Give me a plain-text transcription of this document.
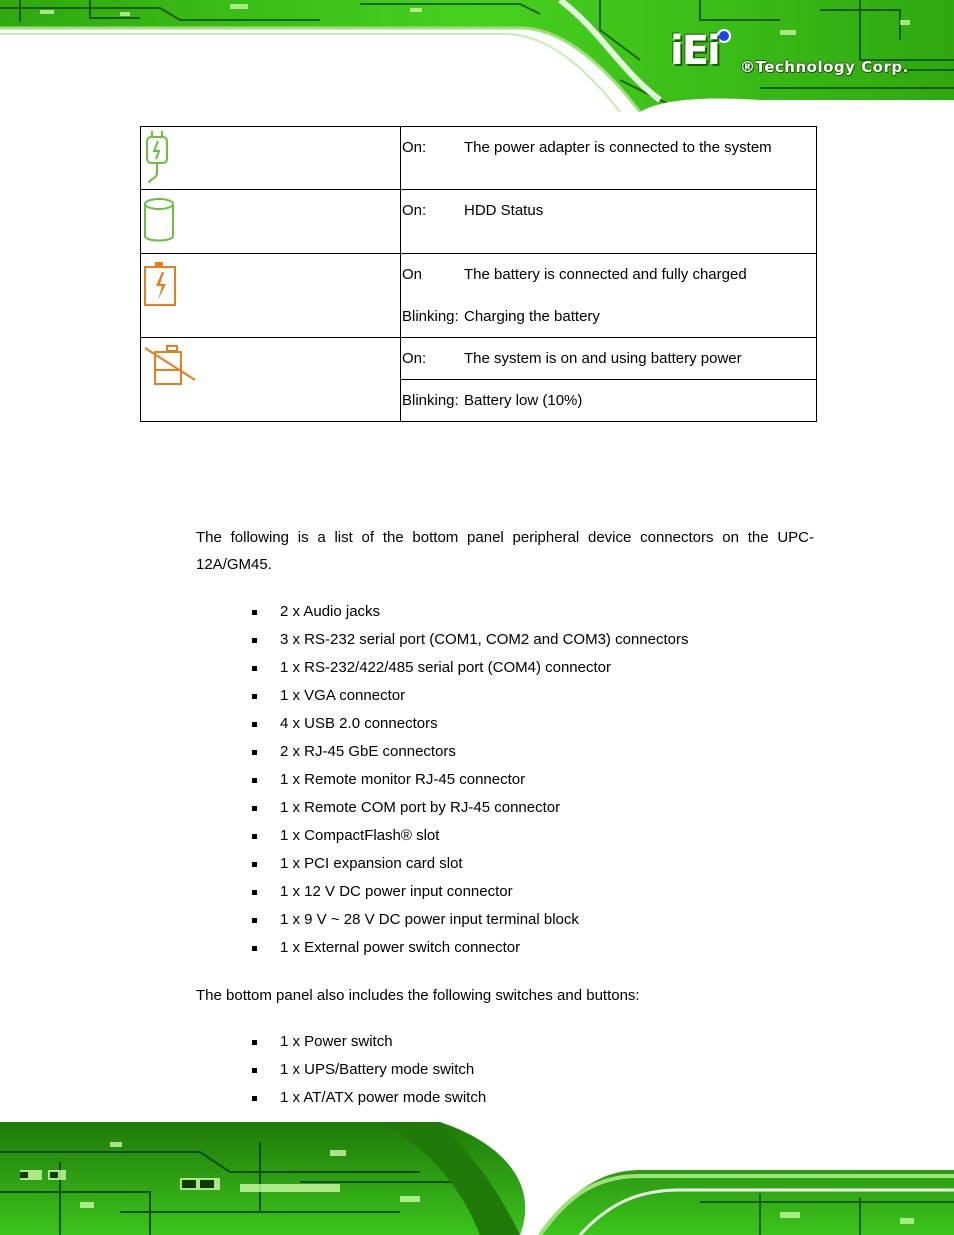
iEi ®Technology Corp.

On: The power adapter is connected to the system

On: HDD Status

On The battery is connected and fully charged
Blinking: Charging the battery

On: The system is on and using battery power

	Blinking: Battery low (10%)
The following is a list of the bottom panel peripheral device connectors on the UPC-12A/GM45.
2 x Audio jacks
3 x RS-232 serial port (COM1, COM2 and COM3) connectors
1 x RS-232/422/485 serial port (COM4) connector
1 x VGA connector
4 x USB 2.0 connectors
2 x RJ-45 GbE connectors
1 x Remote monitor RJ-45 connector
1 x Remote COM port by RJ-45 connector
1 x CompactFlash® slot
1 x PCI expansion card slot
1 x 12 V DC power input connector
1 x 9 V ~ 28 V DC power input terminal block
1 x External power switch connector
The bottom panel also includes the following switches and buttons:
1 x Power switch
1 x UPS/Battery mode switch
1 x AT/ATX power mode switch
